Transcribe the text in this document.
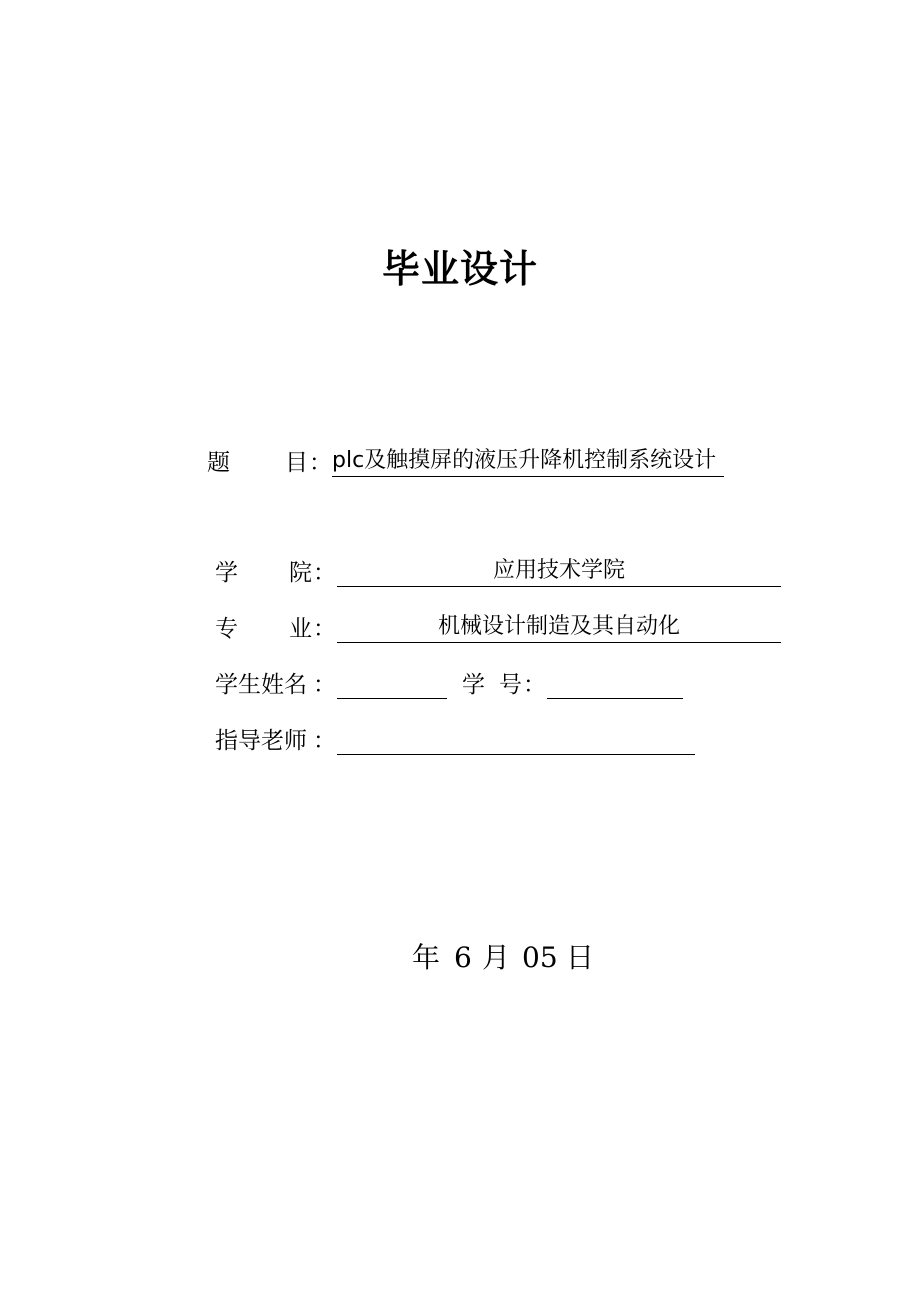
毕业设计
题 目 ： plc及触摸屏的液压升降机控制系统设计
学 院 ：	应用技术学院
专 业 ：	机械设计制造及其自动化
学生姓名 ：	学 号 ：
指导老师 ：
年 6 月 05 日
